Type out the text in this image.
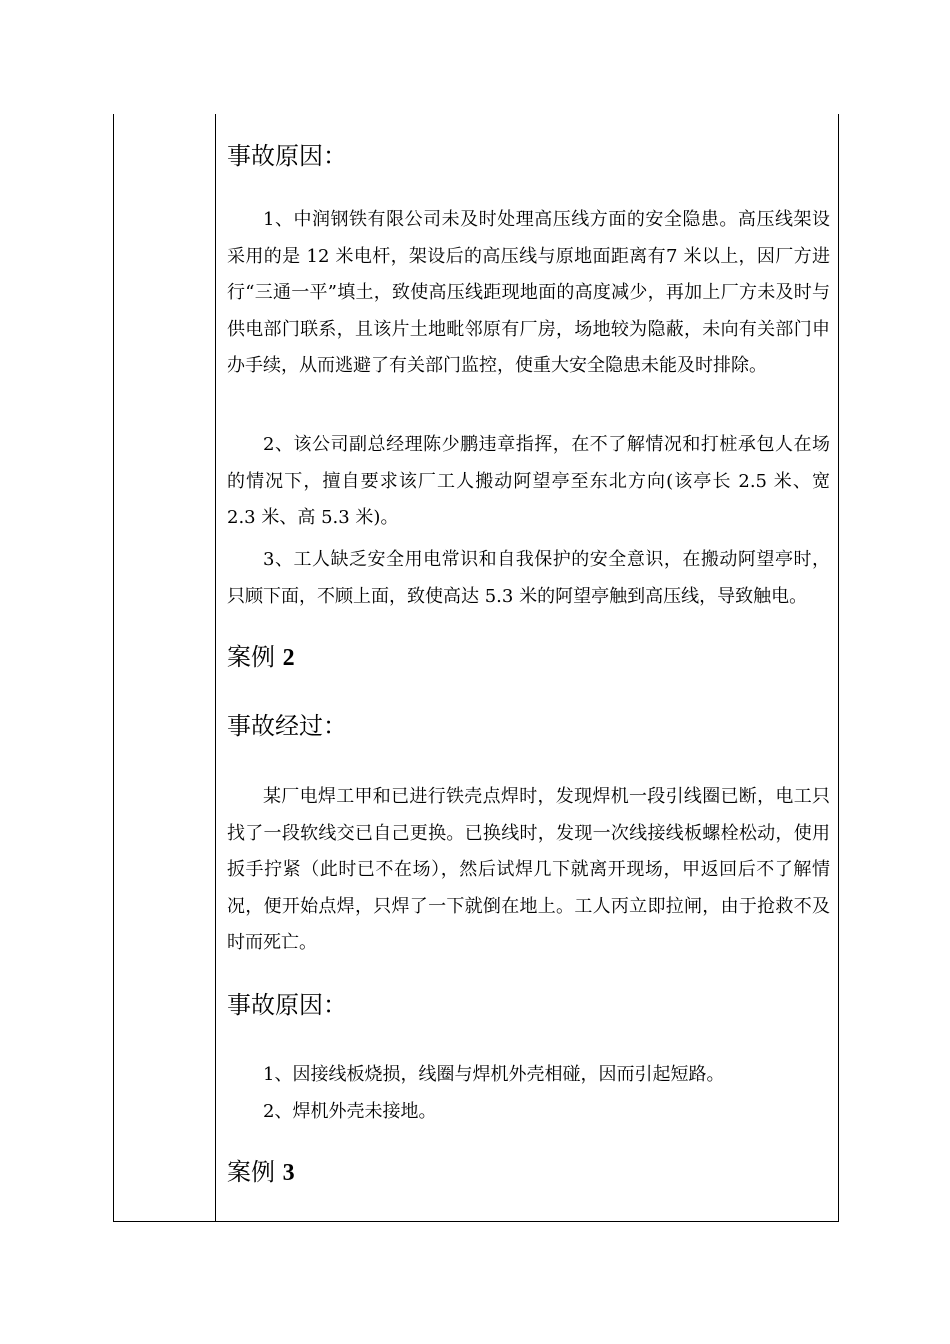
事故原因：

1、中润钢铁有限公司未及时处理高压线方面的安全隐患。高压线架设采用的是 12 米电杆，架设后的高压线与原地面距离有7 米以上，因厂方进行“三通一平”填土，致使高压线距现地面的高度减少，再加上厂方未及时与供电部门联系，且该片土地毗邻原有厂房，场地较为隐蔽，未向有关部门申办手续，从而逃避了有关部门监控，使重大安全隐患未能及时排除。

2、该公司副总经理陈少鹏违章指挥，在不了解情况和打桩承包人在场的情况下，擅自要求该厂工人搬动阿望亭至东北方向(该亭长 2.5 米、宽 2.3 米、高 5.3 米)。

3、工人缺乏安全用电常识和自我保护的安全意识，在搬动阿望亭时，只顾下面，不顾上面，致使高达 5.3 米的阿望亭触到高压线，导致触电。

案例 2
事故经过：

某厂电焊工甲和已进行铁壳点焊时，发现焊机一段引线圈已断，电工只找了一段软线交已自己更换。已换线时，发现一次线接线板螺栓松动，使用扳手拧紧（此时已不在场），然后试焊几下就离开现场，甲返回后不了解情况，便开始点焊，只焊了一下就倒在地上。工人丙立即拉闸，由于抢救不及时而死亡。

事故原因：

1、因接线板烧损，线圈与焊机外壳相碰，因而引起短路。

2、焊机外壳未接地。

案例 3
